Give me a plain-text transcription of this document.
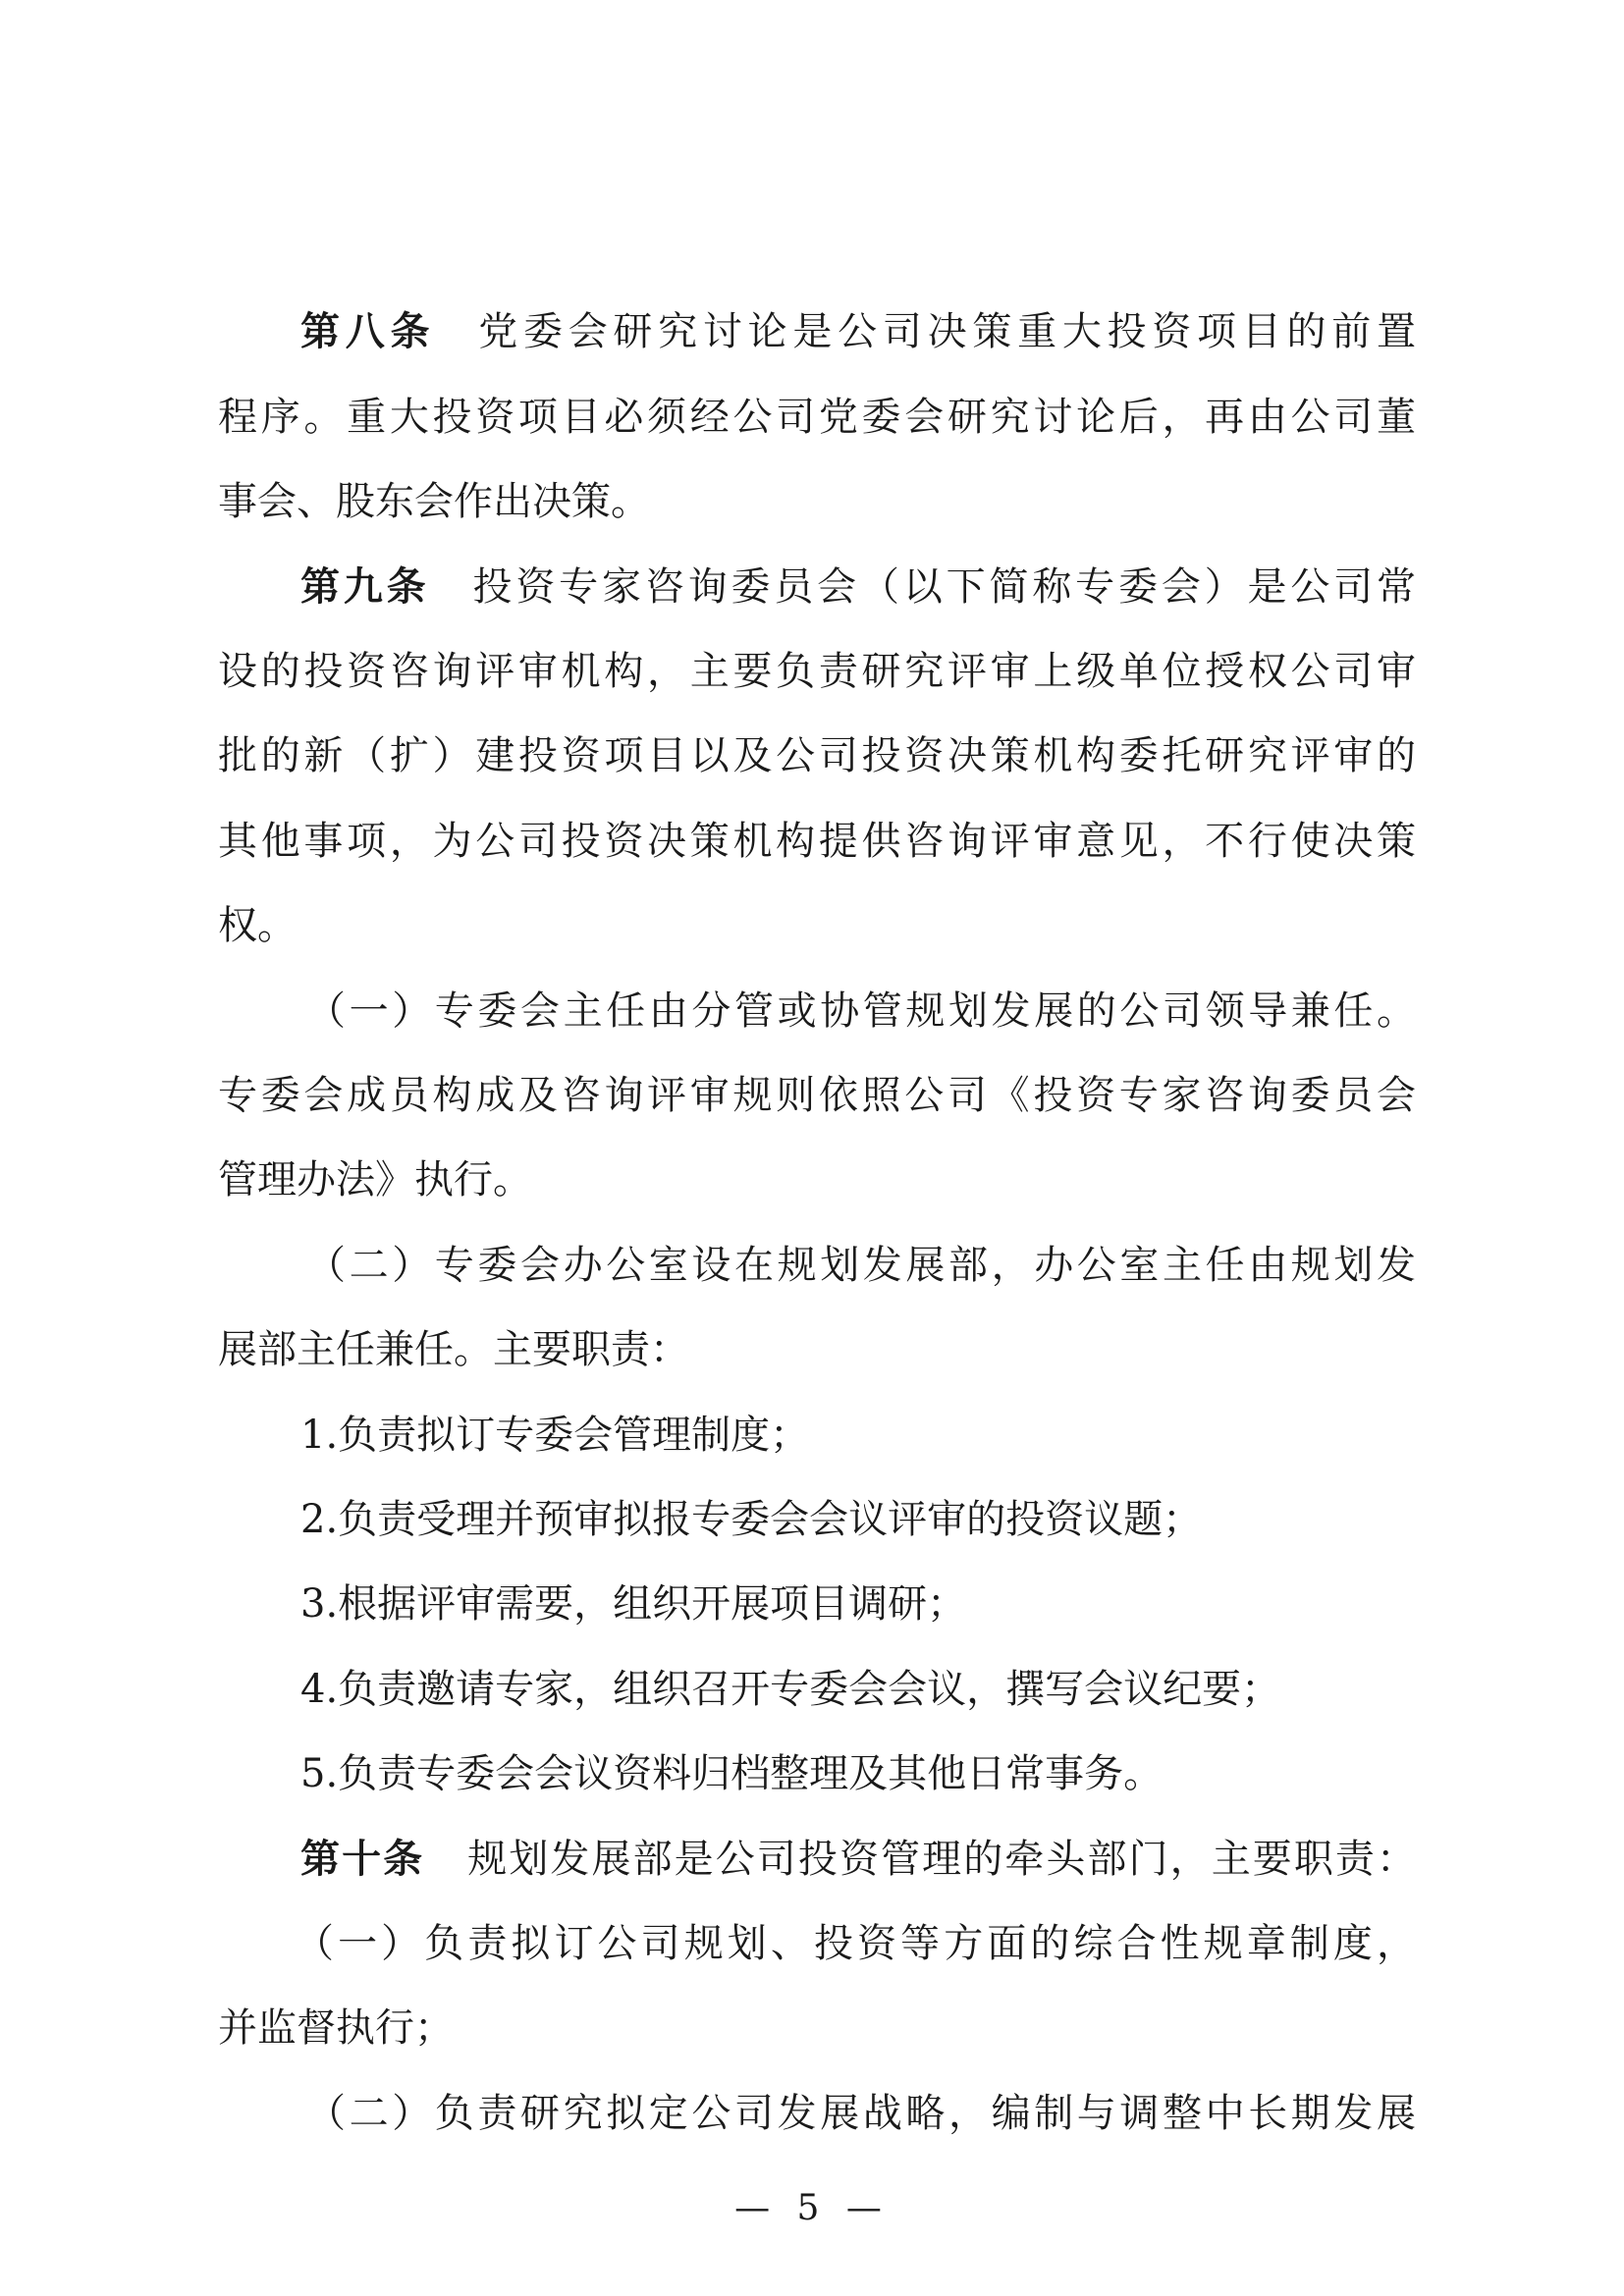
第八条 党委会研究讨论是公司决策重大投资项目的前置
程序。重大投资项目必须经公司党委会研究讨论后，再由公司董
事会、股东会作出决策。
第九条 投资专家咨询委员会（以下简称专委会）是公司常
设的投资咨询评审机构，主要负责研究评审上级单位授权公司审
批的新（扩）建投资项目以及公司投资决策机构委托研究评审的
其他事项，为公司投资决策机构提供咨询评审意见，不行使决策
权。
（一）专委会主任由分管或协管规划发展的公司领导兼任。
专委会成员构成及咨询评审规则依照公司《投资专家咨询委员会
管理办法》执行。
（二）专委会办公室设在规划发展部，办公室主任由规划发
展部主任兼任。主要职责：
1.负责拟订专委会管理制度；
2.负责受理并预审拟报专委会会议评审的投资议题；
3.根据评审需要，组织开展项目调研；
4.负责邀请专家，组织召开专委会会议，撰写会议纪要；
5.负责专委会会议资料归档整理及其他日常事务。
第十条 规划发展部是公司投资管理的牵头部门，主要职责：
（一）负责拟订公司规划、投资等方面的综合性规章制度，
并监督执行；
（二）负责研究拟定公司发展战略，编制与调整中长期发展
— 5 —
